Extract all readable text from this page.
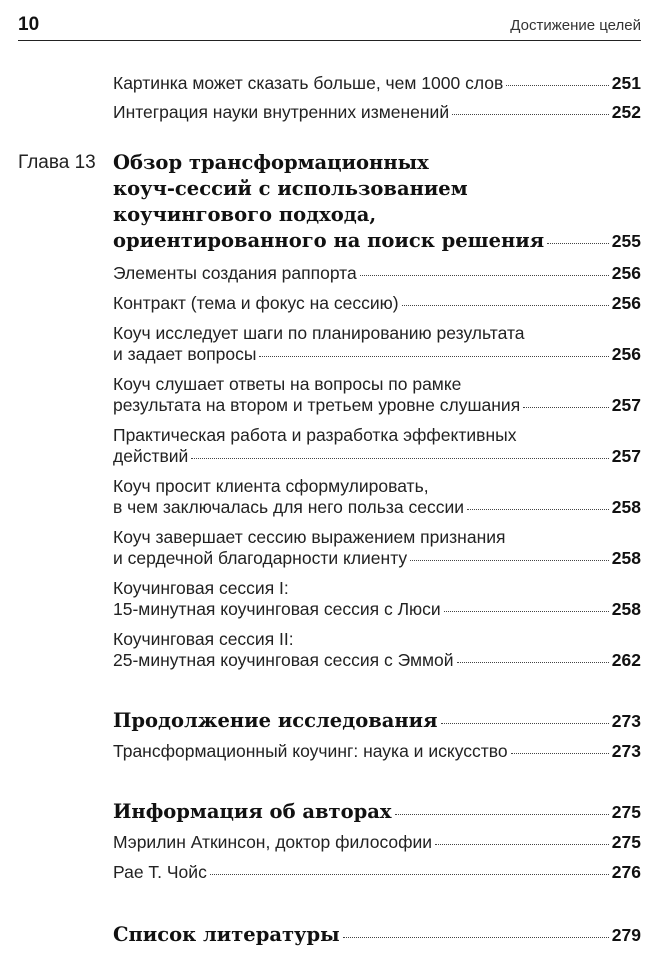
10	Достижение целей
Картинка может сказать больше, чем 1000 слов	251
Интеграция науки внутренних изменений	252
Глава 13 Обзор трансформационных
коуч-сессий с использованием
коучингового подхода,
ориентированного на поиск решения	255
Элементы создания раппорта	256
Контракт (тема и фокус на сессию)	256
Коуч исследует шаги по планированию результата
и задает вопросы	256
Коуч слушает ответы на вопросы по рамке
результата на втором и третьем уровне слушания	257
Практическая работа и разработка эффективных
действий	257
Коуч просит клиента сформулировать,
в чем заключалась для него польза сессии	258
Коуч завершает сессию выражением признания
и сердечной благодарности клиенту	258
Коучинговая сессия I:
15-минутная коучинговая сессия с Люси	258
Коучинговая сессия II:
25-минутная коучинговая сессия с Эммой	262
Продолжение исследования	273
Трансформационный коучинг: наука и искусство	273
Информация об авторах	275
Мэрилин Аткинсон, доктор философии	275
Рае Т. Чойс	276
Список литературы	279
